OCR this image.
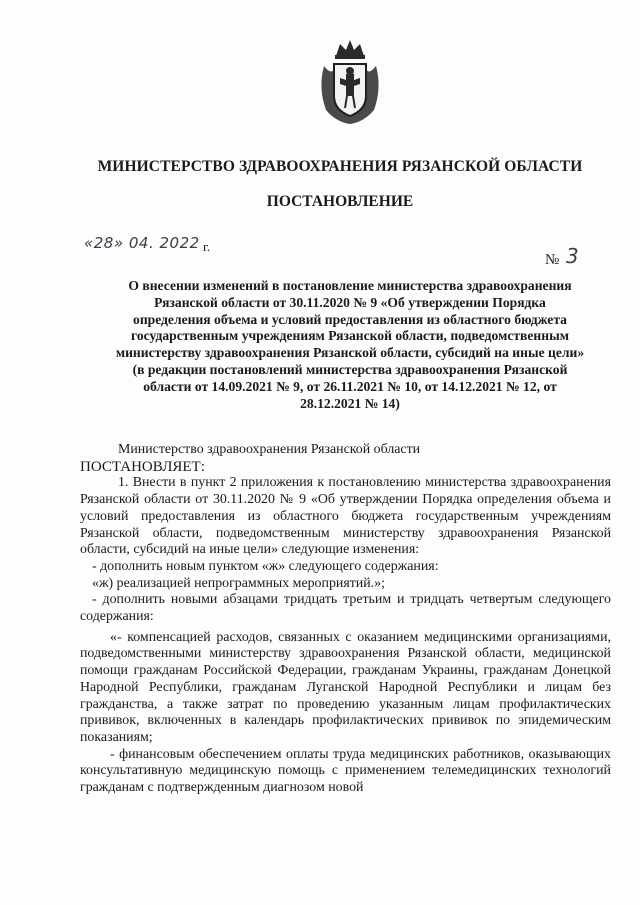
МИНИСТЕРСТВО ЗДРАВООХРАНЕНИЯ РЯЗАНСКОЙ ОБЛАСТИ
ПОСТАНОВЛЕНИЕ
«28» 04. 2022 г.
№ 3
О внесении изменений в постановление министерства здравоохранения
Рязанской области от 30.11.2020 № 9 «Об утверждении Порядка
определения объема и условий предоставления из областного бюджета
государственным учреждениям Рязанской области, подведомственным
министерству здравоохранения Рязанской области, субсидий на иные цели»
(в редакции постановлений министерства здравоохранения Рязанской
области от 14.09.2021 № 9, от 26.11.2021 № 10, от 14.12.2021 № 12, от
28.12.2021 № 14)

Министерство здравоохранения Рязанской области

ПОСТАНОВЛЯЕТ:

1. Внести в пункт 2 приложения к постановлению министерства здравоохранения Рязанской области от 30.11.2020 № 9 «Об утверждении Порядка определения объема и условий предоставления из областного бюджета государственным учреждениям Рязанской области, подведомственным министерству здравоохранения Рязанской области, субсидий на иные цели» следующие изменения:

- дополнить новым пунктом «ж» следующего содержания:

«ж) реализацией непрограммных мероприятий.»;

- дополнить новыми абзацами тридцать третьим и тридцать четвертым следующего содержания:

«- компенсацией расходов, связанных с оказанием медицинскими организациями, подведомственными министерству здравоохранения Рязанской области, медицинской помощи гражданам Российской Федерации, гражданам Украины, гражданам Донецкой Народной Республики, гражданам Луганской Народной Республики и лицам без гражданства, а также затрат по проведению указанным лицам профилактических прививок, включенных в календарь профилактических прививок по эпидемическим показаниям;

- финансовым обеспечением оплаты труда медицинских работников, оказывающих консультативную медицинскую помощь с применением телемедицинских технологий гражданам с подтвержденным диагнозом новой
